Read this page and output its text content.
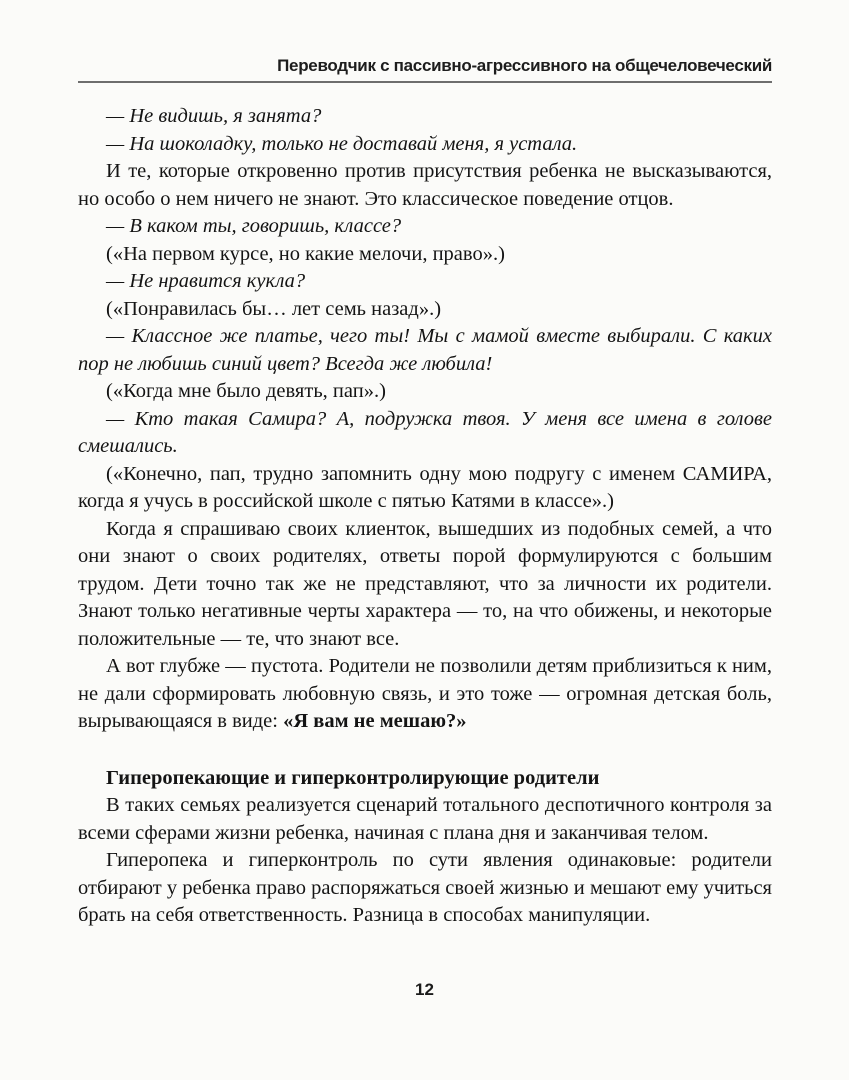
Переводчик с пассивно-агрессивного на общечеловеческий

— Не видишь, я занята?

— На шоколадку, только не доставай меня, я устала.

И те, которые откровенно против присутствия ребенка не высказываются, но особо о нем ничего не знают. Это классическое поведение отцов.

— В каком ты, говоришь, классе?

(«На первом курсе, но какие мелочи, право».)

— Не нравится кукла?

(«Понравилась бы… лет семь назад».)

— Классное же платье, чего ты! Мы с мамой вместе выбирали. С каких пор не любишь синий цвет? Всегда же любила!

(«Когда мне было девять, пап».)

— Кто такая Самира? А, подружка твоя. У меня все имена в голове смешались.

(«Конечно, пап, трудно запомнить одну мою подругу с именем САМИРА, когда я учусь в российской школе с пятью Катями в классе».)

Когда я спрашиваю своих клиенток, вышедших из подобных семей, а что они знают о своих родителях, ответы порой формулируются с большим трудом. Дети точно так же не представляют, что за личности их родители. Знают только негативные черты характера — то, на что обижены, и некоторые положительные — те, что знают все.

А вот глубже — пустота. Родители не позволили детям приблизиться к ним, не дали сформировать любовную связь, и это тоже — огромная детская боль, вырывающаяся в виде: «Я вам не мешаю?»

Гиперопекающие и гиперконтролирующие родители

В таких семьях реализуется сценарий тотального деспотичного контроля за всеми сферами жизни ребенка, начиная с плана дня и заканчивая телом.

Гиперопека и гиперконтроль по сути явления одинаковые: родители отбирают у ребенка право распоряжаться своей жизнью и мешают ему учиться брать на себя ответственность. Разница в способах манипуляции.

12
